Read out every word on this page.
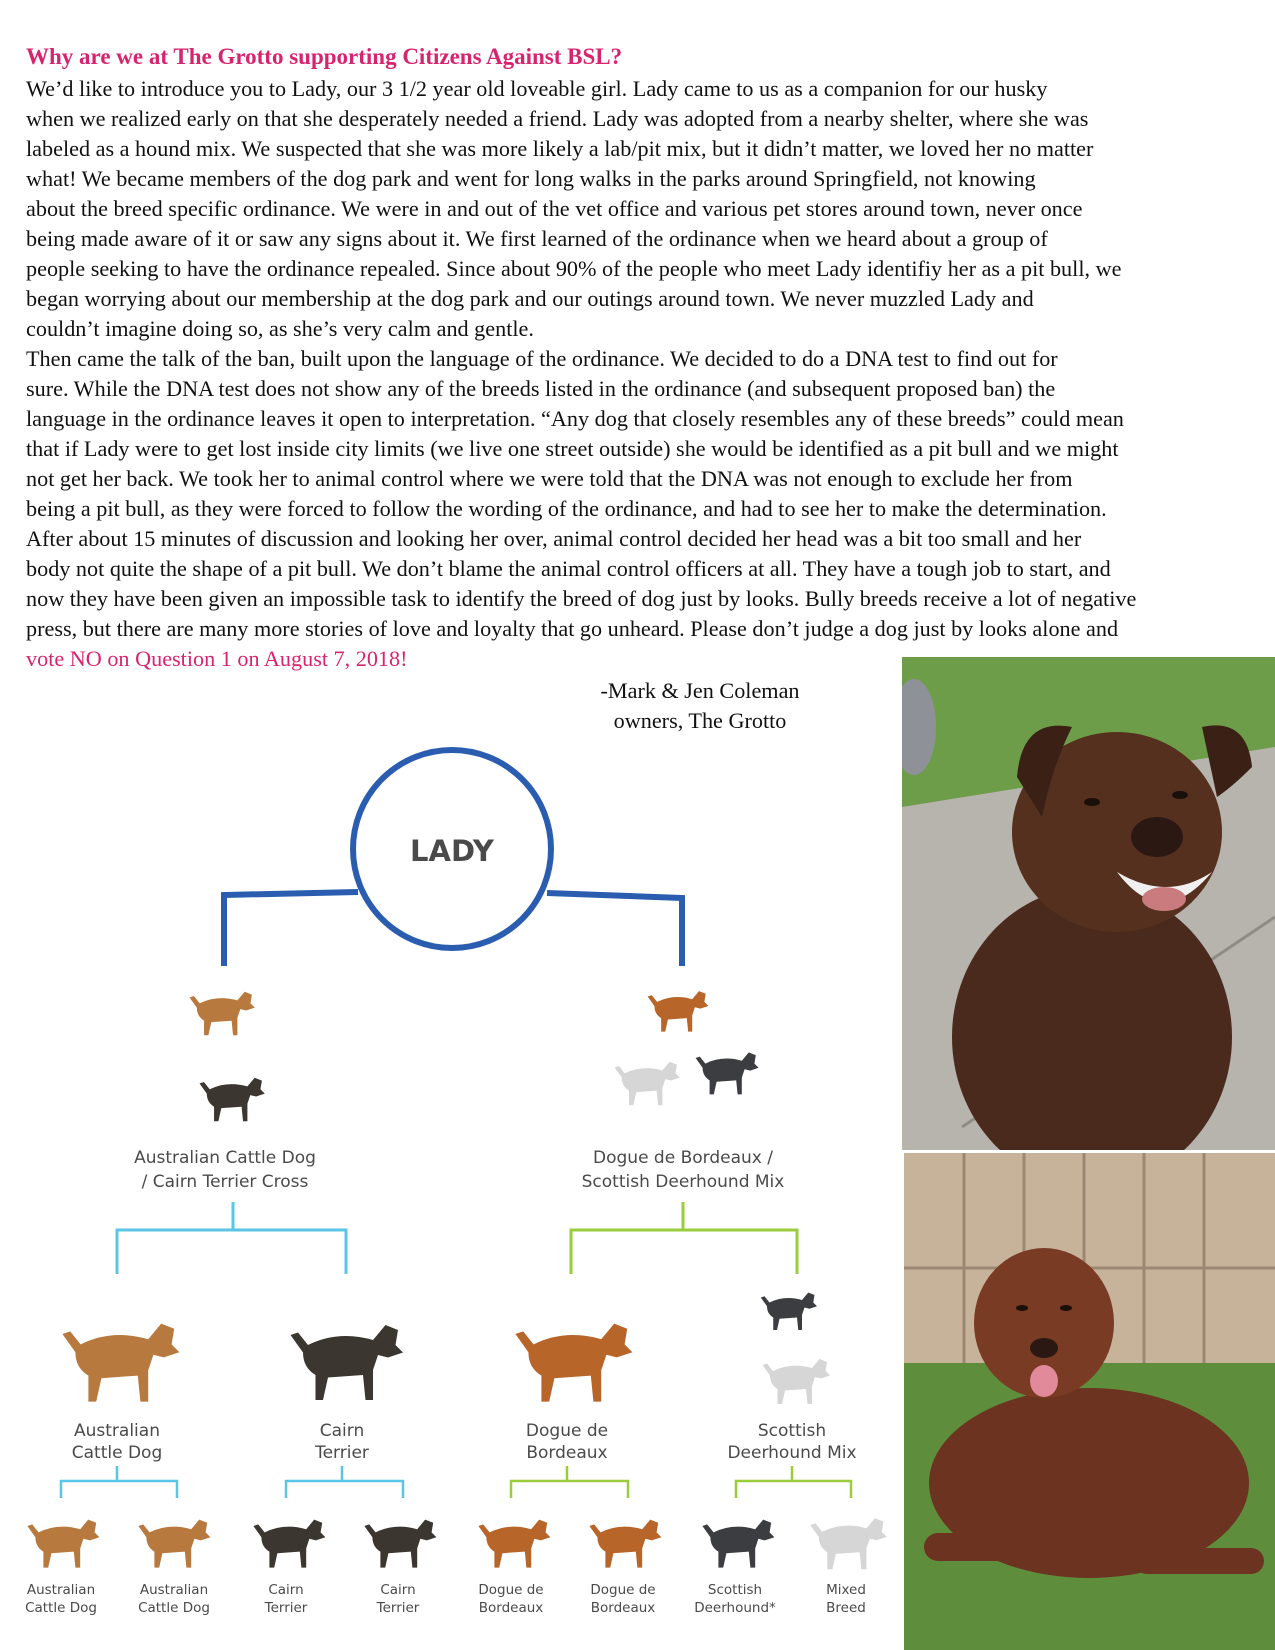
Why are we at The Grotto supporting Citizens Against BSL?
We’d like to introduce you to Lady, our 3 1/2 year old loveable girl. Lady came to us as a companion for our husky
when we realized early on that she desperately needed a friend. Lady was adopted from a nearby shelter, where she was
labeled as a hound mix. We suspected that she was more likely a lab/pit mix, but it didn’t matter, we loved her no matter
what! We became members of the dog park and went for long walks in the parks around Springfield, not knowing
about the breed specific ordinance. We were in and out of the vet office and various pet stores around town, never once
being made aware of it or saw any signs about it. We first learned of the ordinance when we heard about a group of
people seeking to have the ordinance repealed. Since about 90% of the people who meet Lady identifiy her as a pit bull, we
began worrying about our membership at the dog park and our outings around town. We never muzzled Lady and
couldn’t imagine doing so, as she’s very calm and gentle.
Then came the talk of the ban, built upon the language of the ordinance. We decided to do a DNA test to find out for
sure. While the DNA test does not show any of the breeds listed in the ordinance (and subsequent proposed ban) the
language in the ordinance leaves it open to interpretation. “Any dog that closely resembles any of these breeds” could mean
that if Lady were to get lost inside city limits (we live one street outside) she would be identified as a pit bull and we might
not get her back. We took her to animal control where we were told that the DNA was not enough to exclude her from
being a pit bull, as they were forced to follow the wording of the ordinance, and had to see her to make the determination.
After about 15 minutes of discussion and looking her over, animal control decided her head was a bit too small and her
body not quite the shape of a pit bull. We don’t blame the animal control officers at all. They have a tough job to start, and
now they have been given an impossible task to identify the breed of dog just by looks. Bully breeds receive a lot of negative
press, but there are many more stories of love and loyalty that go unheard. Please don’t judge a dog just by looks alone and
vote NO on Question 1 on August 7, 2018!
-Mark & Jen Coleman
owners, The Grotto
LADY
Australian Cattle Dog
/ Cairn Terrier Cross
Dogue de Bordeaux /
Scottish Deerhound Mix
Australian
Cattle Dog
Cairn
Terrier
Dogue de
Bordeaux
Scottish
Deerhound Mix
Australian
Cattle Dog
Australian
Cattle Dog
Cairn
Terrier
Cairn
Terrier
Dogue de
Bordeaux
Dogue de
Bordeaux
Scottish
Deerhound*
Mixed
Breed
